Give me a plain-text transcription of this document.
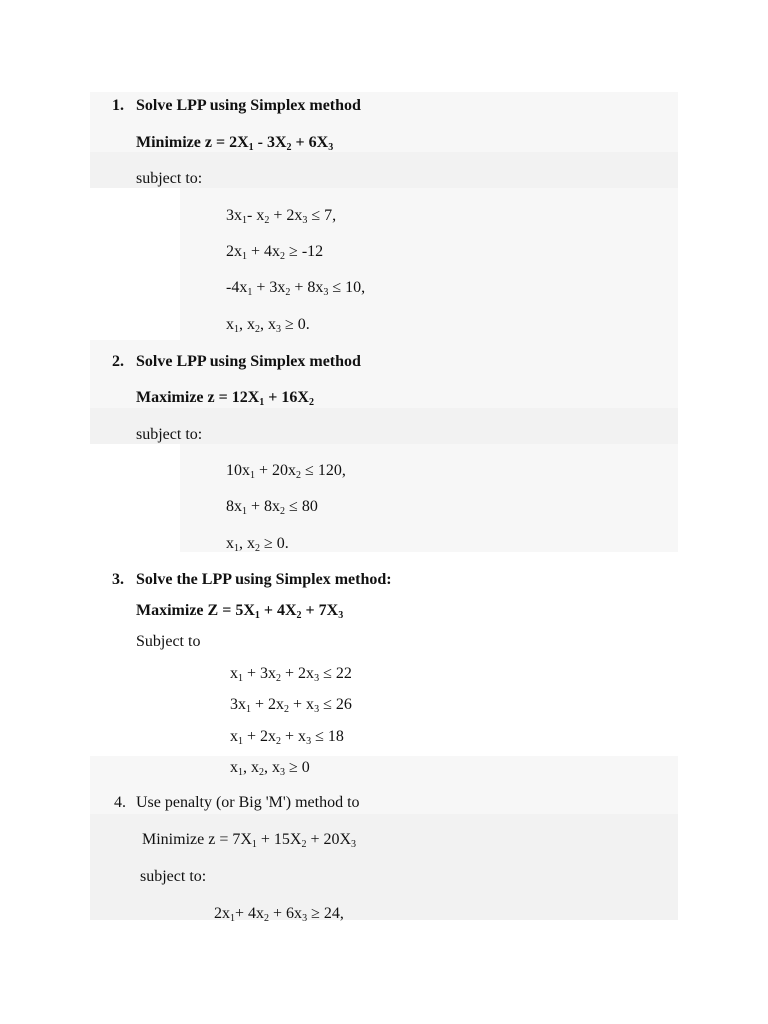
1. Solve LPP using Simplex method
Minimize $z = 2X_1 - 3X_2 + 6X_3$
subject to:
$3x_1-$ $x_2 + 2x_3 \le 7$,
$2x_1 + 4x_2 \ge -12$
$-4x_1 + 3x_2 + 8x_3 \le 10$,
$x_1$, $x_2$, $x_3 \ge 0$.
2. Solve LPP using Simplex method
Maximize $z = 12X_1 + 16X_2$
subject to:
$10x_1 + 20x_2 \le 120$,
$8x_1 + 8x_2 \le 80$
$x_1$, $x_2 \ge 0$.
3. Solve the LPP using Simplex method:
Maximize $Z = 5X_1 + 4X_2 + 7X_3$
Subject to
$x_1 + 3x_2 + 2x_3 \le 22$
$3x_1 + 2x_2 + x_3 \le 26$
$x_1 + 2x_2 + x_3 \le 18$
$x_1$, $x_2$, $x_3 \ge 0$
4. Use penalty (or Big 'M') method to
Minimize $z = 7X_1 + 15X_2 + 20X_3$
subject to:
$2x_1+ 4x_2 + 6x_3 \ge 24$,
